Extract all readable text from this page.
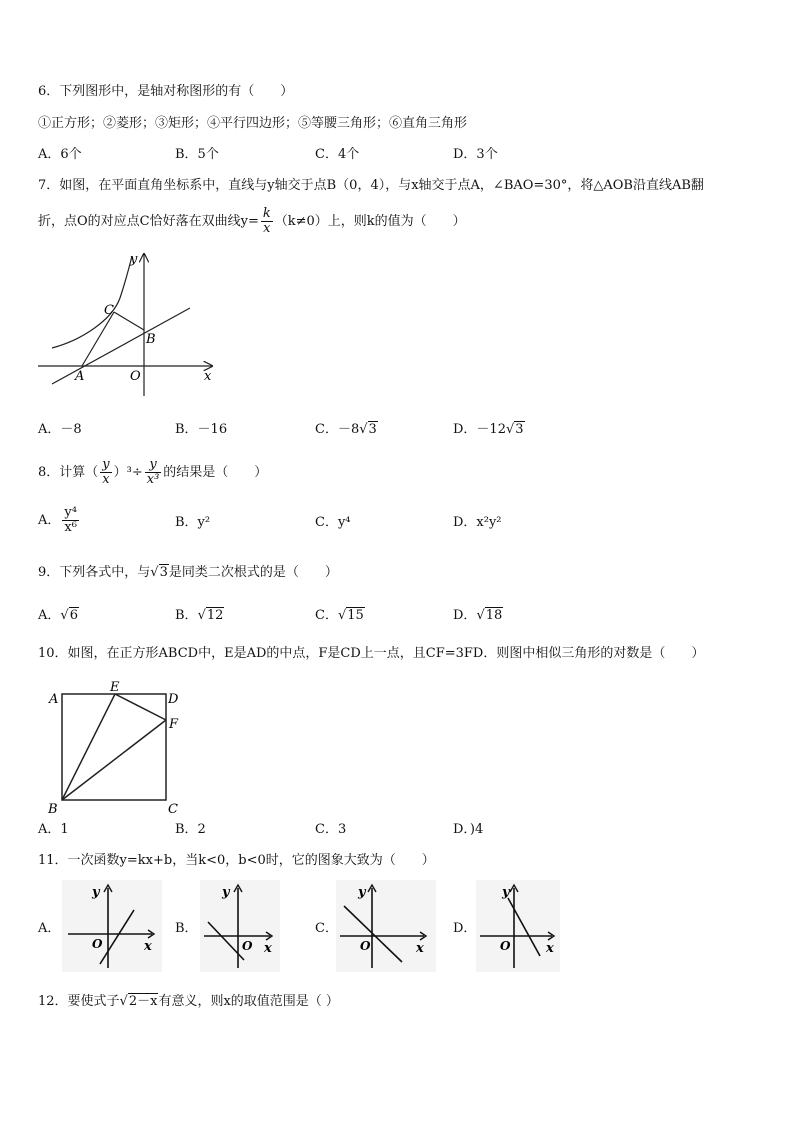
6．下列图形中，是轴对称图形的有（　　）
①正方形；②菱形；③矩形；④平行四边形；⑤等腰三角形；⑥直角三角形
A．6个	B．5个	C．4个	D．3个
7．如图，在平面直角坐标系中，直线与y轴交于点B（0，4），与x轴交于点A，∠BAO=30°，将△AOB沿直线AB翻
折，点O的对应点C恰好落在双曲线$y= \frac{k}{x} (k\ne 0)$上，则k的值为（　　）
y
x
C
B
A	O
A．－8	B．－16	C．－8√3	D．－12√3
8．计算（ $\frac{y}{x} )^3\div \frac{y}{\text{x³}}$ 的结果是（　　）
A． $\frac{\text{y⁴}}{\text{x⁶}}$	B．y²	C．y⁴	D．x²y²
9．下列各式中，与√3是同类二次根式的是（　　）
A．√6	B．√12	C．√15	D．√18
10．如图，在正方形ABCD中，E是AD的中点，F是CD上一点，且CF=3FD．则图中相似三角形的对数是（　　）
A
E
D
F
B	C
A．1	B．2	C．3	D．)4
11．一次函数y=kx+b，当k<0，b<0时，它的图象大致为（　　）
A．
y
x
O
B．
y
x
O
C．
y
x
O
D．
y
x
O
12．要使式子√2－x有意义，则x的取值范围是（ ）
